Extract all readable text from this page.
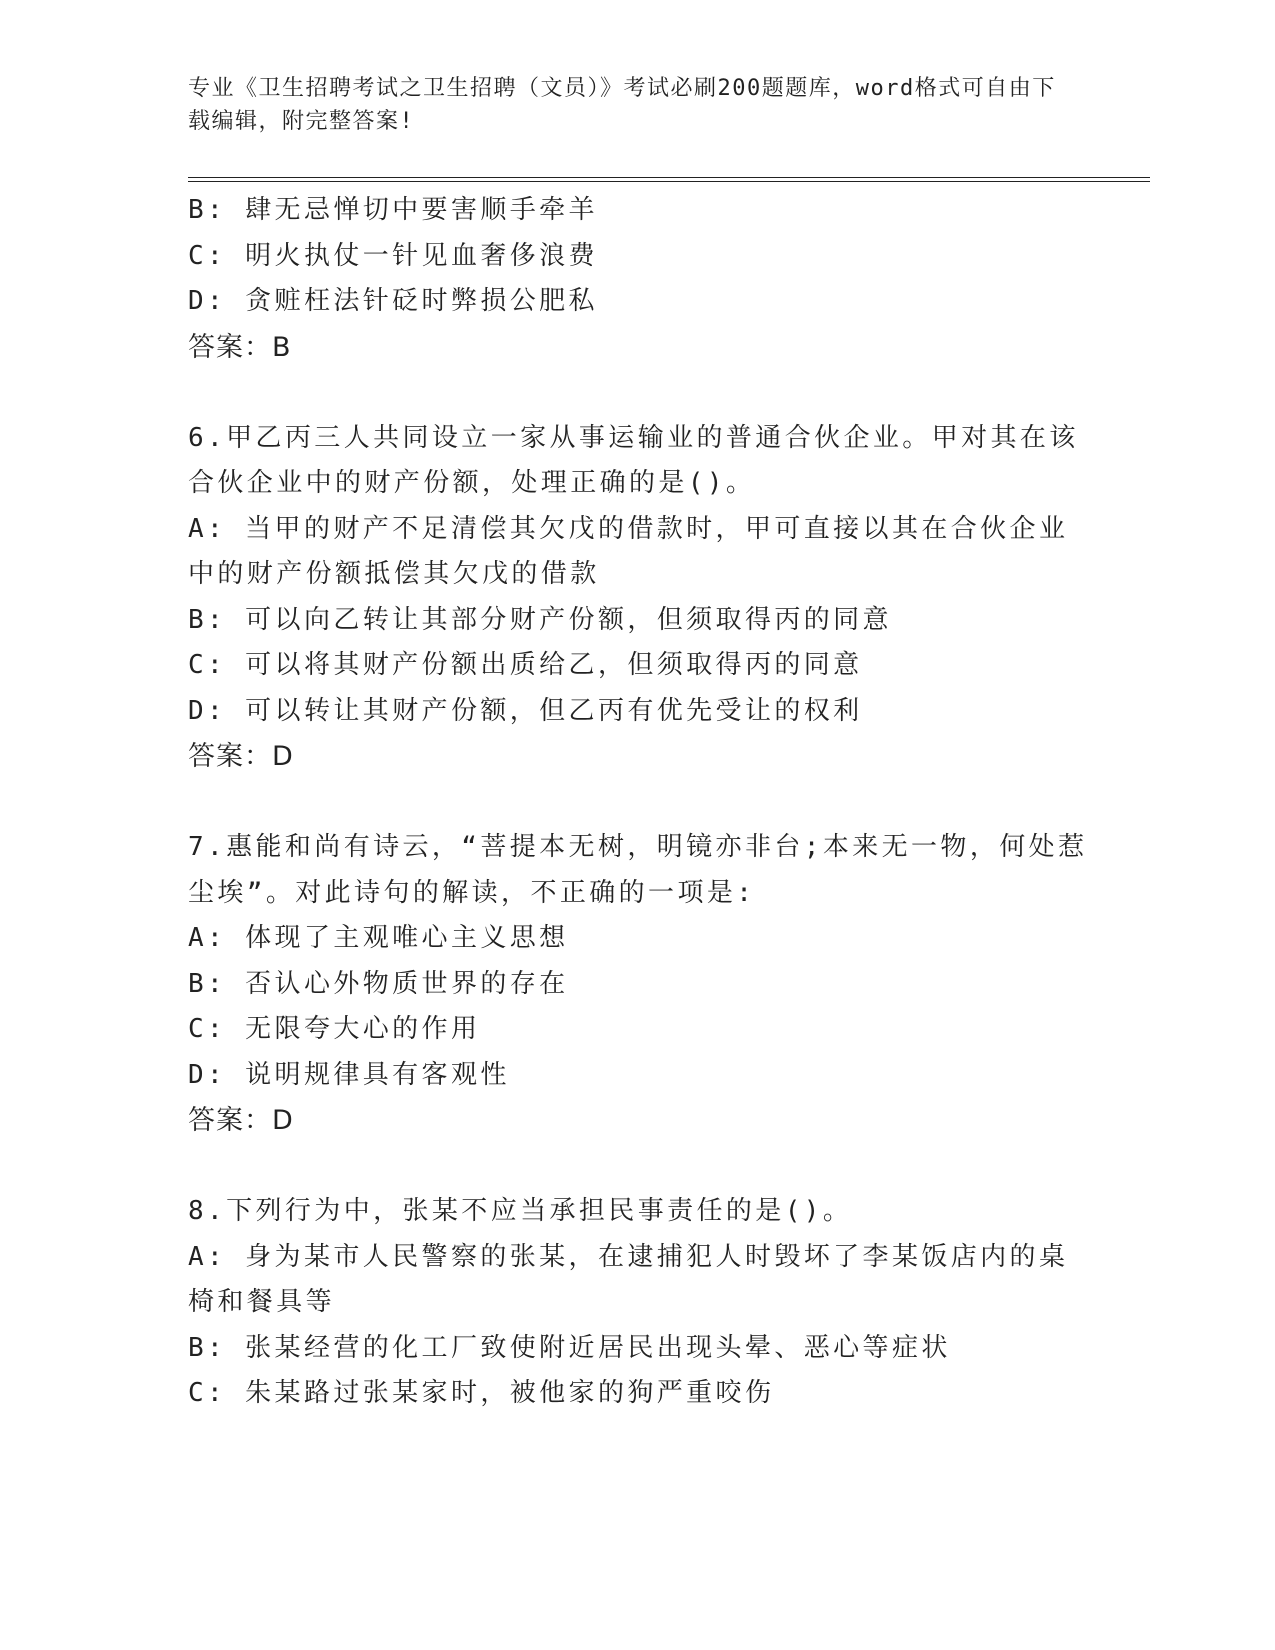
专业《卫生招聘考试之卫生招聘（文员）》考试必刷200题题库，word格式可自由下载编辑，附完整答案!
B: 肆无忌惮切中要害顺手牵羊
C: 明火执仗一针见血奢侈浪费
D: 贪赃枉法针砭时弊损公肥私
答案：B
6.甲乙丙三人共同设立一家从事运输业的普通合伙企业。甲对其在该合伙企业中的财产份额，处理正确的是()。
A: 当甲的财产不足清偿其欠戊的借款时，甲可直接以其在合伙企业中的财产份额抵偿其欠戊的借款
B: 可以向乙转让其部分财产份额，但须取得丙的同意
C: 可以将其财产份额出质给乙，但须取得丙的同意
D: 可以转让其财产份额，但乙丙有优先受让的权利
答案：D
7.惠能和尚有诗云，“菩提本无树，明镜亦非台;本来无一物，何处惹尘埃”。对此诗句的解读，不正确的一项是:
A: 体现了主观唯心主义思想
B: 否认心外物质世界的存在
C: 无限夸大心的作用
D: 说明规律具有客观性
答案：D
8.下列行为中，张某不应当承担民事责任的是()。
A: 身为某市人民警察的张某，在逮捕犯人时毁坏了李某饭店内的桌椅和餐具等
B: 张某经营的化工厂致使附近居民出现头晕、恶心等症状
C: 朱某路过张某家时，被他家的狗严重咬伤
